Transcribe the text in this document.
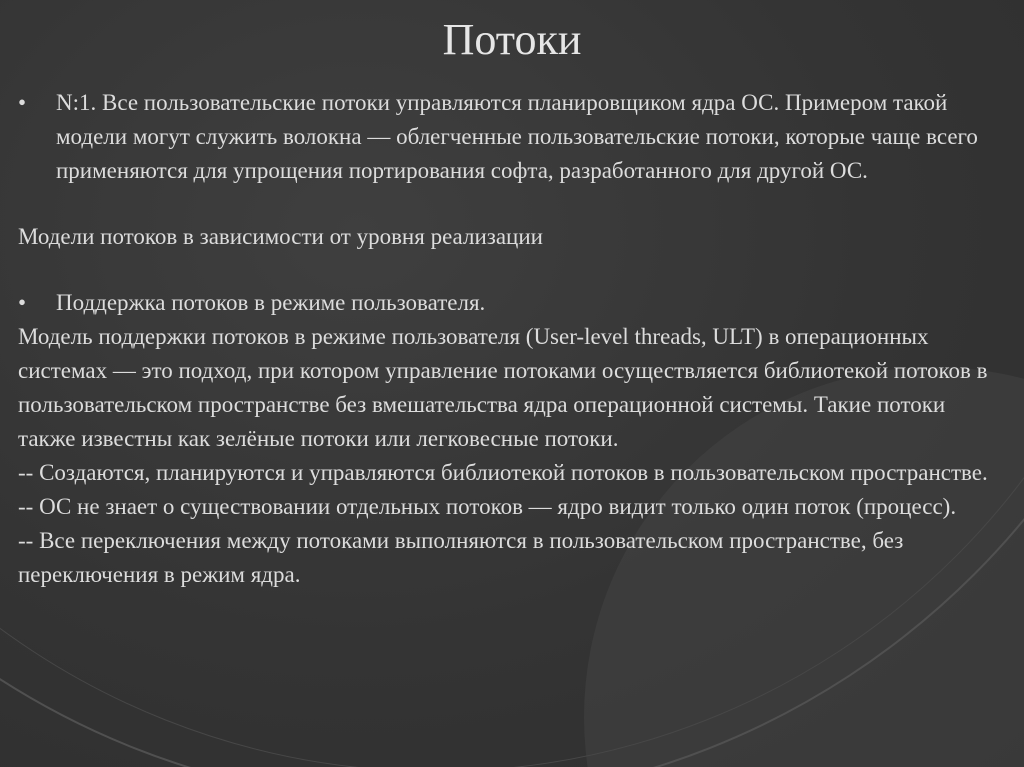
Потоки
•	N:1. Все пользовательские потоки управляются планировщиком ядра ОС. Примером такой модели могут служить волокна — облегченные пользовательские потоки, которые чаще всего применяются для упрощения портирования софта, разработанного для другой ОС.

Модели потоков в зависимости от уровня реализации

•	Поддержка потоков в режиме пользователя.

Модель поддержки потоков в режиме пользователя (User-level threads, ULT) в операционных системах — это подход, при котором управление потоками осуществляется библиотекой потоков в пользовательском пространстве без вмешательства ядра операционной системы. Такие потоки также известны как зелёные потоки или легковесные потоки.

-- Создаются, планируются и управляются библиотекой потоков в пользовательском пространстве.

-- ОС не знает о существовании отдельных потоков — ядро видит только один поток (процесс).

-- Все переключения между потоками выполняются в пользовательском пространстве, без переключения в режим ядра.
